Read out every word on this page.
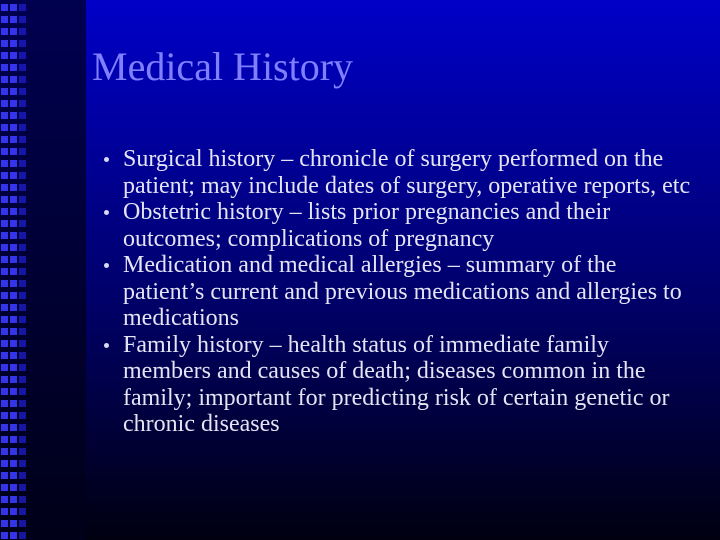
Medical History
Surgical history – chronicle of surgery performed on the patient; may include dates of surgery, operative reports, etc
Obstetric history – lists prior pregnancies and their outcomes; complications of pregnancy
Medication and medical allergies – summary of the patient’s current and previous medications and allergies to medications
Family history – health status of immediate family members and causes of death; diseases common in the family; important for predicting risk of certain genetic or chronic diseases
